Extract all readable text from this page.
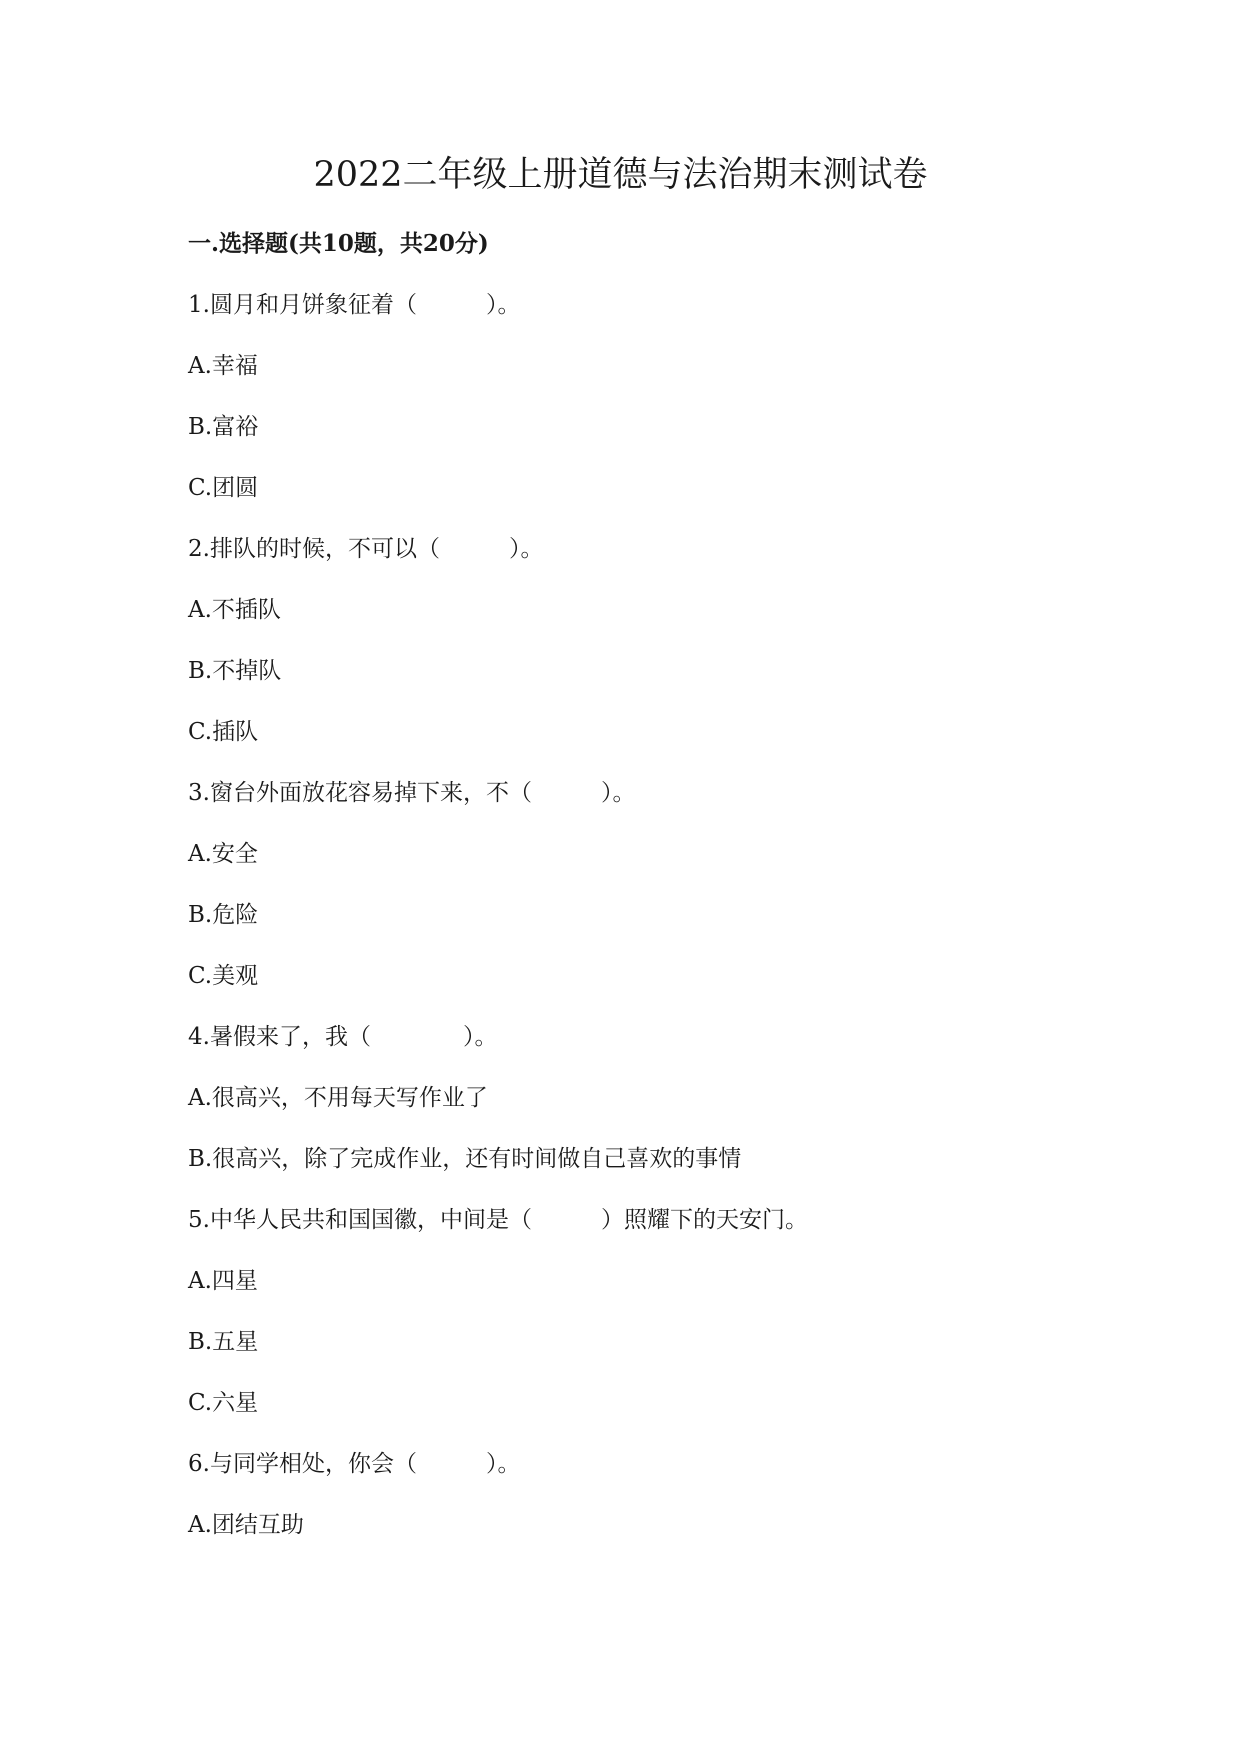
2022二年级上册道德与法治期末测试卷
一.选择题(共10题，共20分)

1.圆月和月饼象征着（　　　）。

A.幸福

B.富裕

C.团圆

2.排队的时候，不可以（　　　）。

A.不插队

B.不掉队

C.插队

3.窗台外面放花容易掉下来，不（　　　）。

A.安全

B.危险

C.美观

4.暑假来了，我（　　　　）。

A.很高兴，不用每天写作业了

B.很高兴，除了完成作业，还有时间做自己喜欢的事情

5.中华人民共和国国徽，中间是（　　　）照耀下的天安门。

A.四星

B.五星

C.六星

6.与同学相处，你会（　　　）。

A.团结互助
